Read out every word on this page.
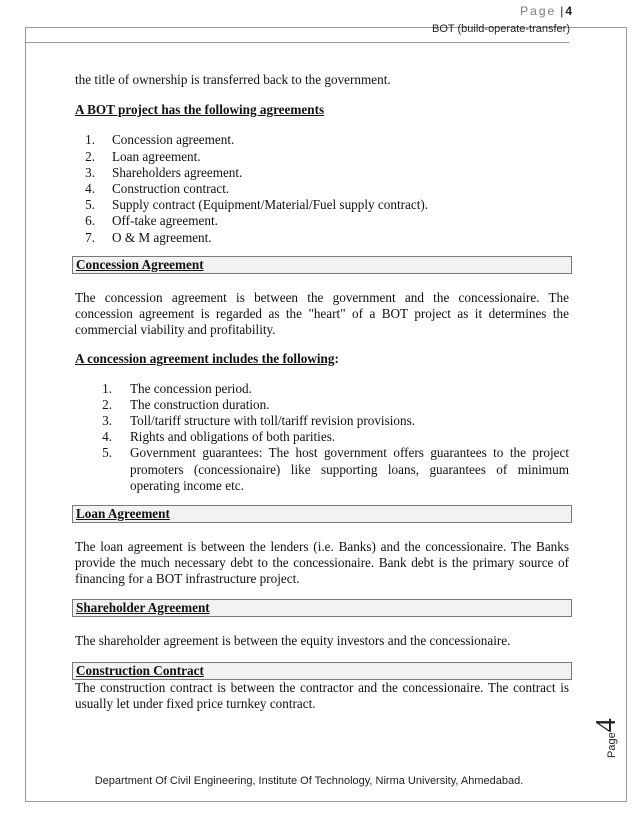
Page | 4
BOT (build-operate-transfer)

the title of ownership is transferred back to the government.

A BOT project has the following agreements

1. Concession agreement.
2. Loan agreement.
3. Shareholders agreement.
4. Construction contract.
5. Supply contract (Equipment/Material/Fuel supply contract).
6. Off-take agreement.
7. O & M agreement.
Concession Agreement

The concession agreement is between the government and the concessionaire. The concession agreement is regarded as the "heart" of a BOT project as it determines the commercial viability and profitability.

A concession agreement includes the following:

1. The concession period.
2. The construction duration.
3. Toll/tariff structure with toll/tariff revision provisions.
4. Rights and obligations of both parities.
5. Government guarantees: The host government offers guarantees to the project promoters (concessionaire) like supporting loans, guarantees of minimum operating income etc.
Loan Agreement

The loan agreement is between the lenders (i.e. Banks) and the concessionaire. The Banks provide the much necessary debt to the concessionaire. Bank debt is the primary source of financing for a BOT infrastructure project.

Shareholder Agreement

The shareholder agreement is between the equity investors and the concessionaire.

Construction Contract

The construction contract is between the contractor and the concessionaire. The contract is usually let under fixed price turnkey contract.

Page4
Department Of Civil Engineering, Institute Of Technology, Nirma University, Ahmedabad.
